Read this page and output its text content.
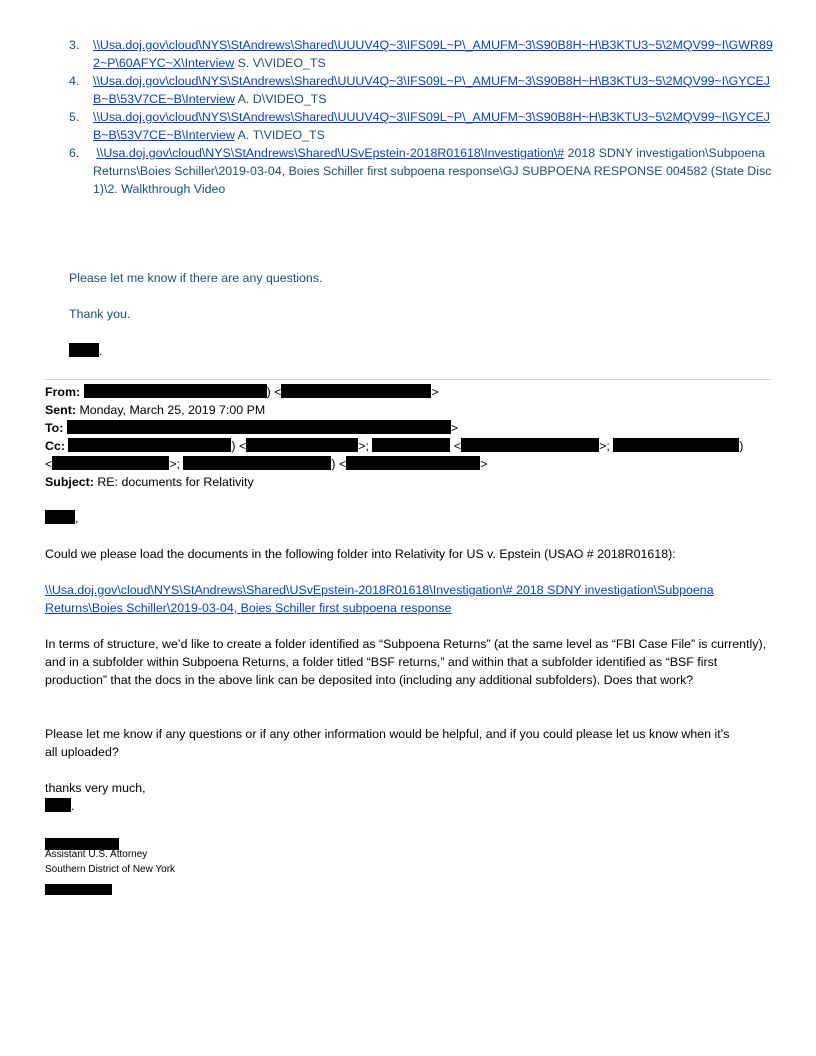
3.	\\Usa.doj.gov\cloud\NYS\StAndrews\Shared\UUUV4Q~3\IFS09L~P\_AMUFM~3\S90B8H~H\B3KTU3~5\2MQV99~I\GWR892~P\60AFYC~X\Interview S. V\VIDEO_TS
4.	\\Usa.doj.gov\cloud\NYS\StAndrews\Shared\UUUV4Q~3\IFS09L~P\_AMUFM~3\S90B8H~H\B3KTU3~5\2MQV99~I\GYCEJB~B\53V7CE~B\Interview A. D\VIDEO_TS
5.	\\Usa.doj.gov\cloud\NYS\StAndrews\Shared\UUUV4Q~3\IFS09L~P\_AMUFM~3\S90B8H~H\B3KTU3~5\2MQV99~I\GYCEJB~B\53V7CE~B\Interview A. T\VIDEO_TS
6.	\\Usa.doj.gov\cloud\NYS\StAndrews\Shared\USvEpstein-2018R01618\Investigation\# 2018 SDNY investigation\Subpoena Returns\Boies Schiller\2019-03-04, Boies Schiller first subpoena response\GJ SUBPOENA RESPONSE 004582 (State Disc 1)\2. Walkthrough Video
Please let me know if there are any questions.
Thank you.
.
From:	) <	>
Sent: Monday, March 25, 2019 7:00 PM
To:	>
Cc:	) <	>;	<	>;	)
<	>;	) <	>
Subject: RE: documents for Relativity
,
Could we please load the documents in the following folder into Relativity for US v. Epstein (USAO # 2018R01618):
\\Usa.doj.gov\cloud\NYS\StAndrews\Shared\USvEpstein-2018R01618\Investigation\# 2018 SDNY investigation\Subpoena Returns\Boies Schiller\2019-03-04, Boies Schiller first subpoena response
In terms of structure, we’d like to create a folder identified as “Subpoena Returns” (at the same level as “FBI Case File” is currently), and in a subfolder within Subpoena Returns, a folder titled “BSF returns,” and within that a subfolder identified as “BSF first production” that the docs in the above link can be deposited into (including any additional subfolders). Does that work?
Please let me know if any questions or if any other information would be helpful, and if you could please let us know when it’s all uploaded?
thanks very much,
.
Assistant U.S. Attorney
Southern District of New York
